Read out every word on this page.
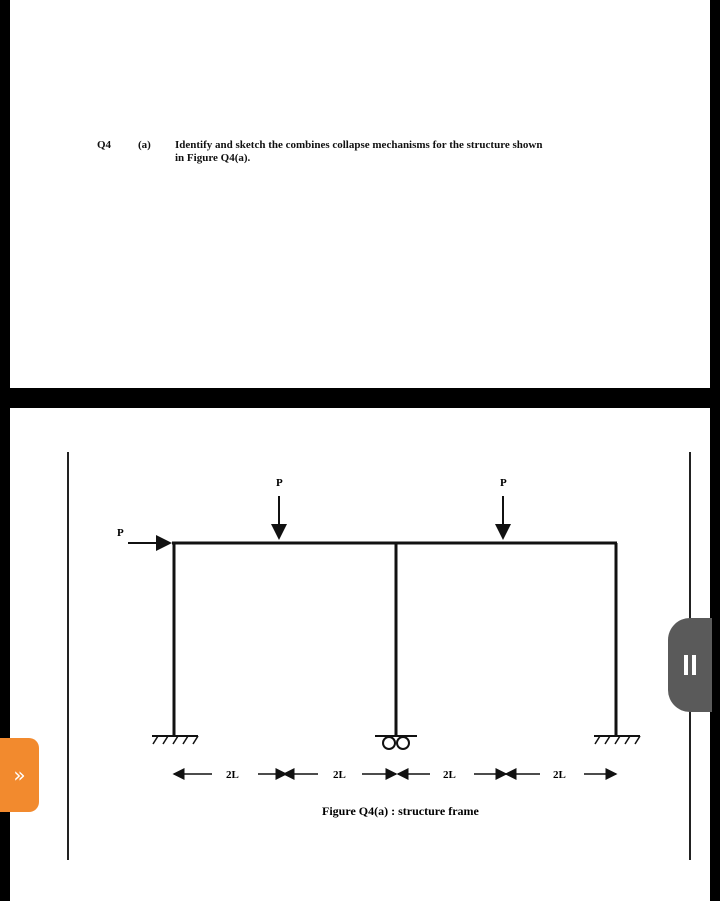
Q4 (a) Identify and sketch the combines collapse mechanisms for the structure shown
in Figure Q4(a).
P
P	P
2L	2L	2L	2L
Figure Q4(a) : structure frame
»
